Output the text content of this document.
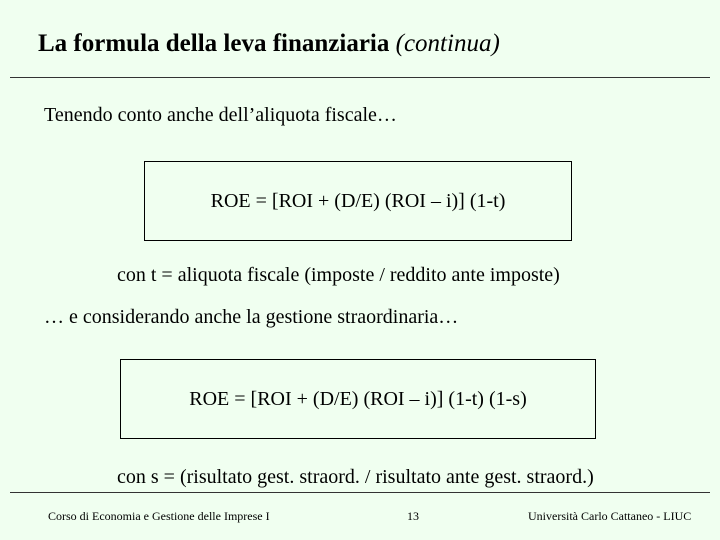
La formula della leva finanziaria (continua)
Tenendo conto anche dell’aliquota fiscale…
ROE = [ROI + (D/E) (ROI – i)] (1-t)
con t = aliquota fiscale (imposte / reddito ante imposte)
… e considerando anche la gestione straordinaria…
ROE = [ROI + (D/E) (ROI – i)] (1-t) (1-s)
con s = (risultato gest. straord. / risultato ante gest. straord.)
Corso di Economia e Gestione delle Imprese I	13	Università Carlo Cattaneo - LIUC
